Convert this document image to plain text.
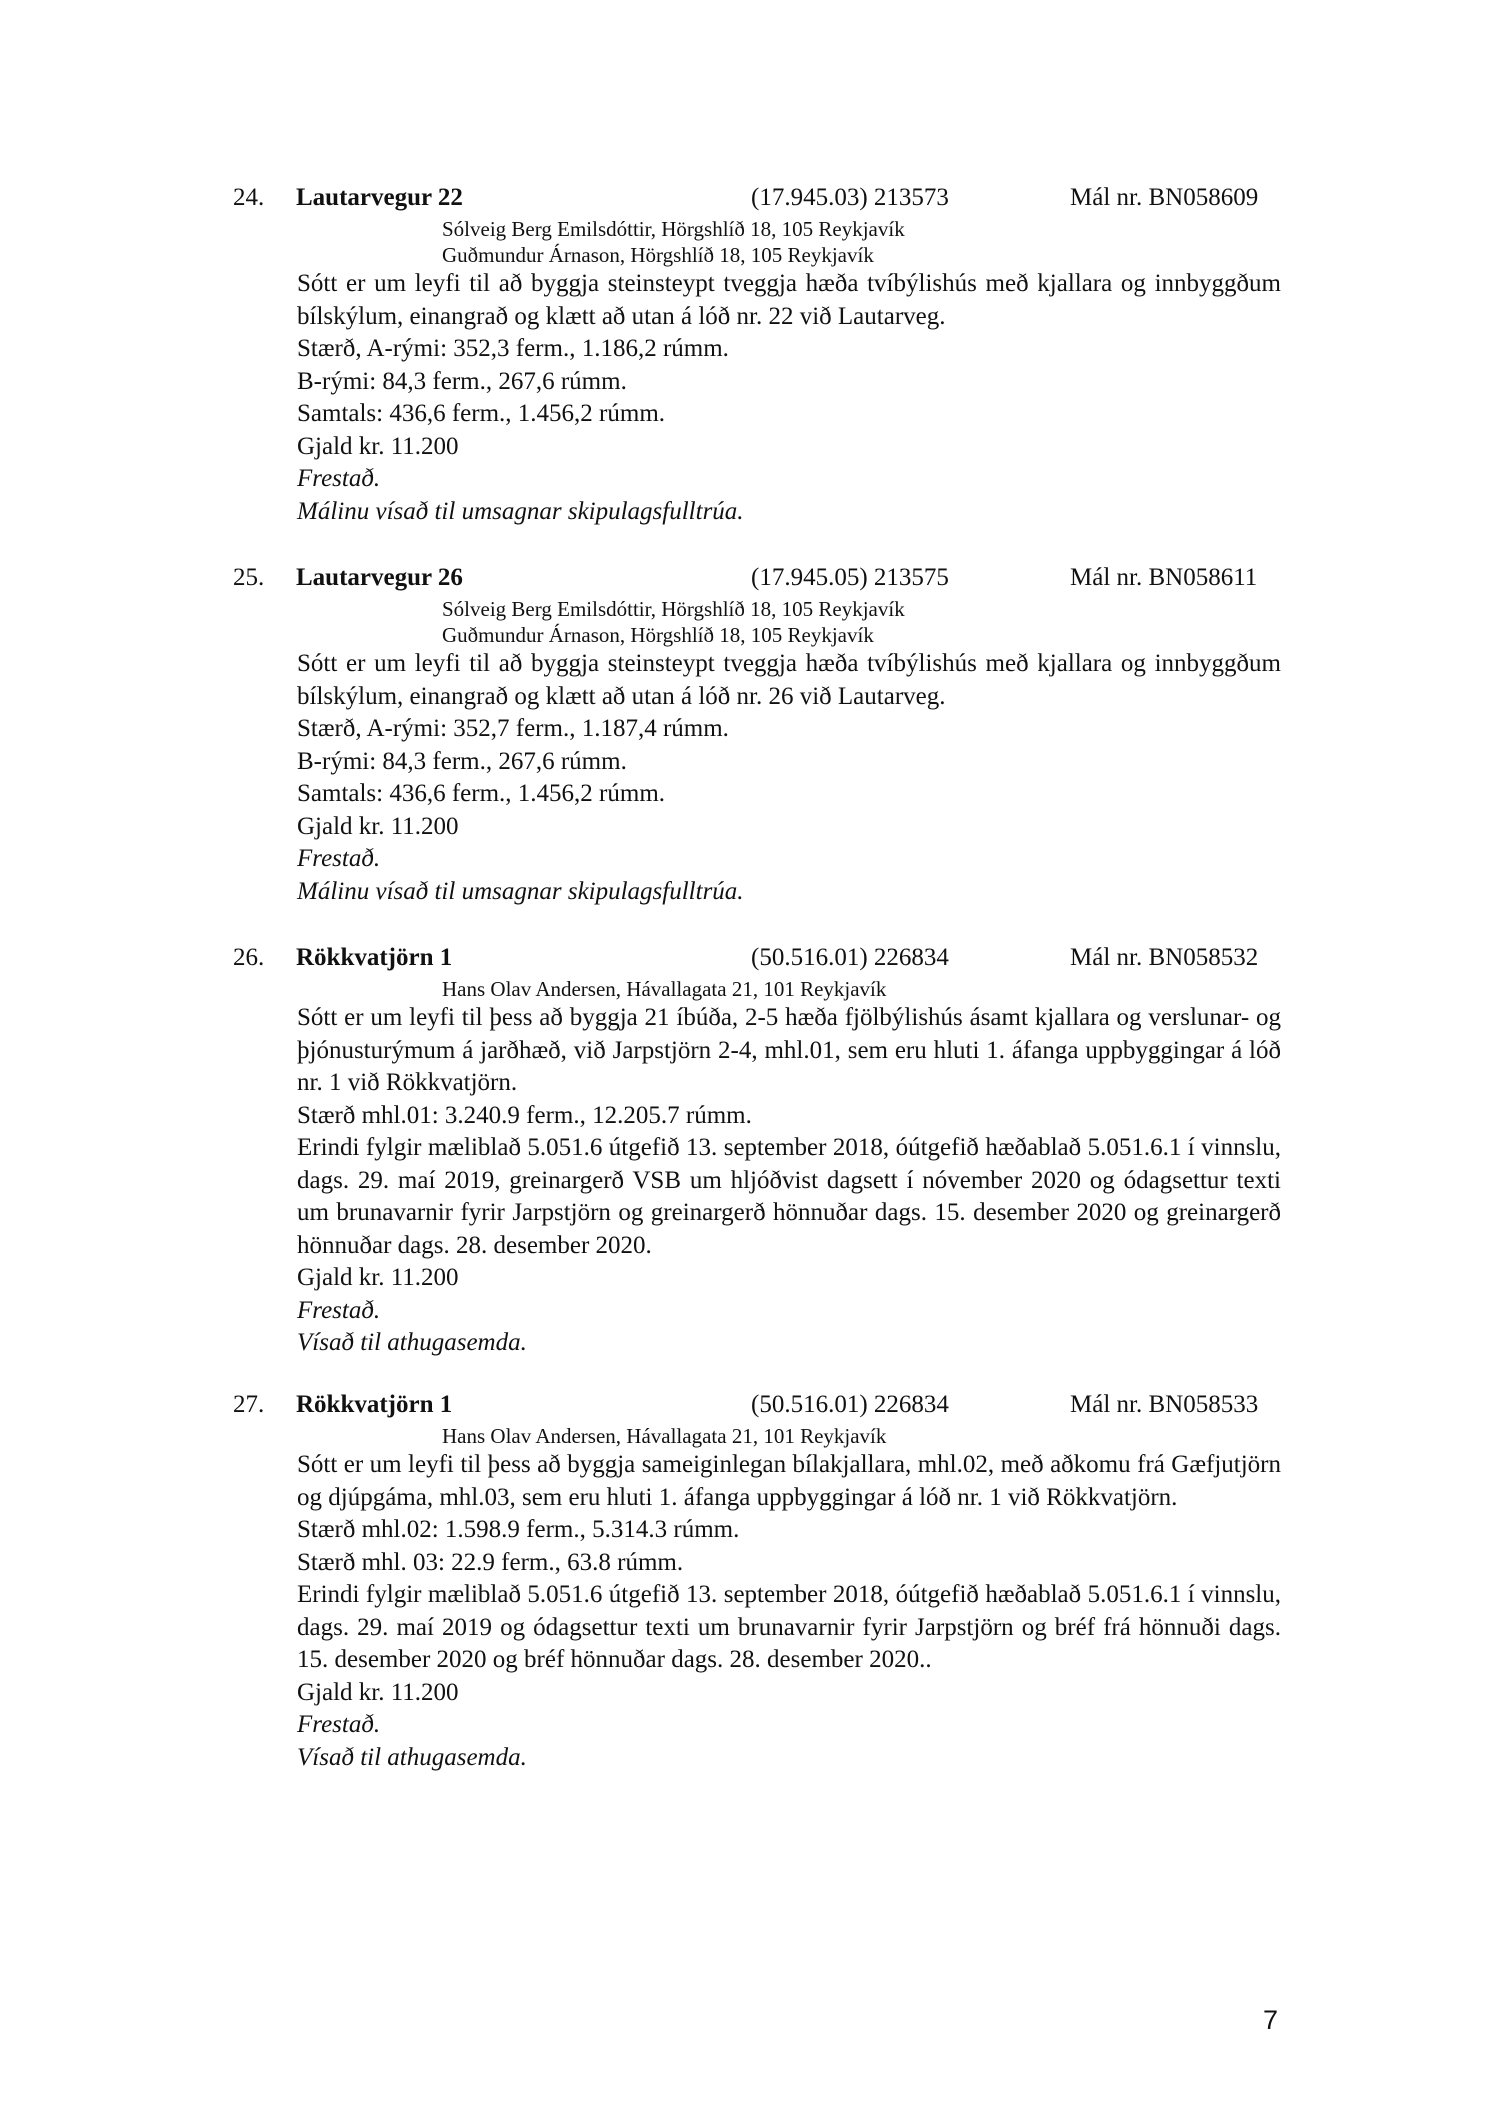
24. Lautarvegur 22	(17.945.03) 213573	Mál nr. BN058609
Sólveig Berg Emilsdóttir, Hörgshlíð 18, 105 Reykjavík
Guðmundur Árnason, Hörgshlíð 18, 105 Reykjavík
Sótt er um leyfi til að byggja steinsteypt tveggja hæða tvíbýlishús með kjallara og innbyggðum bílskýlum, einangrað og klætt að utan á lóð nr. 22 við Lautarveg.
Stærð, A-rými: 352,3 ferm., 1.186,2 rúmm.
B-rými: 84,3 ferm., 267,6 rúmm.
Samtals: 436,6 ferm., 1.456,2 rúmm.
Gjald kr. 11.200
Frestað.
Málinu vísað til umsagnar skipulagsfulltrúa.
25. Lautarvegur 26	(17.945.05) 213575	Mál nr. BN058611
Sólveig Berg Emilsdóttir, Hörgshlíð 18, 105 Reykjavík
Guðmundur Árnason, Hörgshlíð 18, 105 Reykjavík
Sótt er um leyfi til að byggja steinsteypt tveggja hæða tvíbýlishús með kjallara og innbyggðum bílskýlum, einangrað og klætt að utan á lóð nr. 26 við Lautarveg.
Stærð, A-rými: 352,7 ferm., 1.187,4 rúmm.
B-rými: 84,3 ferm., 267,6 rúmm.
Samtals: 436,6 ferm., 1.456,2 rúmm.
Gjald kr. 11.200
Frestað.
Málinu vísað til umsagnar skipulagsfulltrúa.
26. Rökkvatjörn 1	(50.516.01) 226834	Mál nr. BN058532
Hans Olav Andersen, Hávallagata 21, 101 Reykjavík
Sótt er um leyfi til þess að byggja 21 íbúða, 2-5 hæða fjölbýlishús ásamt kjallara og verslunar- og þjónusturýmum á jarðhæð, við Jarpstjörn 2-4, mhl.01, sem eru hluti 1. áfanga uppbyggingar á lóð nr. 1 við Rökkvatjörn.
Stærð mhl.01: 3.240.9 ferm., 12.205.7 rúmm.
Erindi fylgir mæliblað 5.051.6 útgefið 13. september 2018, óútgefið hæðablað 5.051.6.1 í vinnslu, dags. 29. maí 2019, greinargerð VSB um hljóðvist dagsett í nóvember 2020 og ódagsettur texti um brunavarnir fyrir Jarpstjörn og greinargerð hönnuðar dags. 15. desember 2020 og greinargerð hönnuðar dags. 28. desember 2020.
Gjald kr. 11.200
Frestað.
Vísað til athugasemda.
27. Rökkvatjörn 1	(50.516.01) 226834	Mál nr. BN058533
Hans Olav Andersen, Hávallagata 21, 101 Reykjavík
Sótt er um leyfi til þess að byggja sameiginlegan bílakjallara, mhl.02, með aðkomu frá Gæfjutjörn og djúpgáma, mhl.03, sem eru hluti 1. áfanga uppbyggingar á lóð nr. 1 við Rökkvatjörn.
Stærð mhl.02: 1.598.9 ferm., 5.314.3 rúmm.
Stærð mhl. 03: 22.9 ferm., 63.8 rúmm.
Erindi fylgir mæliblað 5.051.6 útgefið 13. september 2018, óútgefið hæðablað 5.051.6.1 í vinnslu, dags. 29. maí 2019 og ódagsettur texti um brunavarnir fyrir Jarpstjörn og bréf frá hönnuði dags. 15. desember 2020 og bréf hönnuðar dags. 28. desember 2020..
Gjald kr. 11.200
Frestað.
Vísað til athugasemda.
7
